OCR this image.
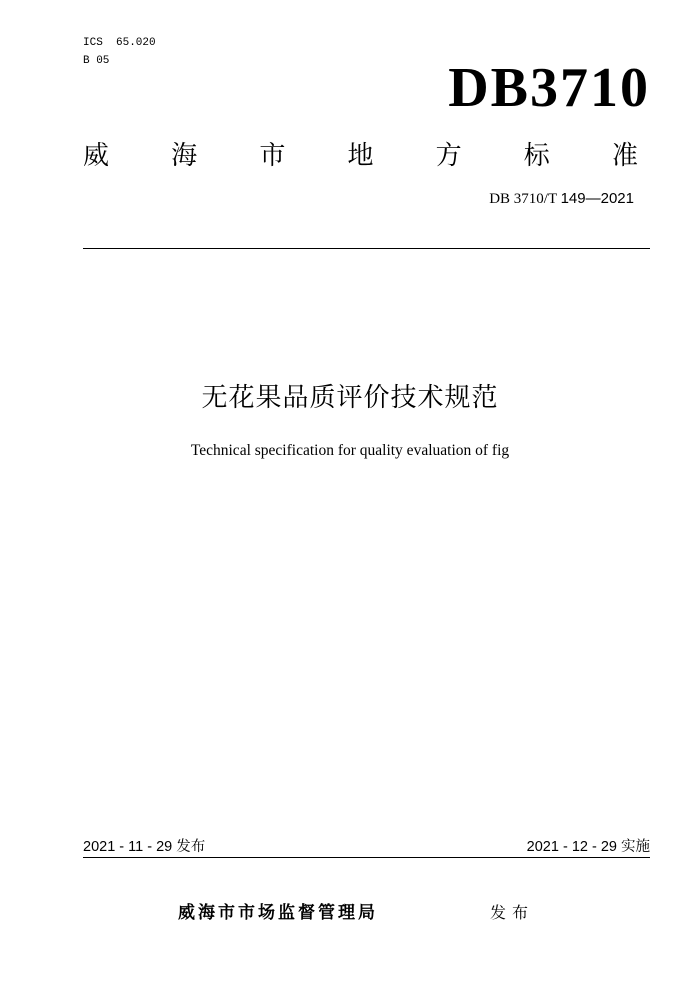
ICS  65.020
B 05	DB3710
威 海 市 地 方 标 准
DB 3710/T 149—2021
无花果品质评价技术规范
Technical specification for quality evaluation of fig
2021 - 11 - 29 发布	2021 - 12 - 29 实施
威海市市场监督管理局	发布
